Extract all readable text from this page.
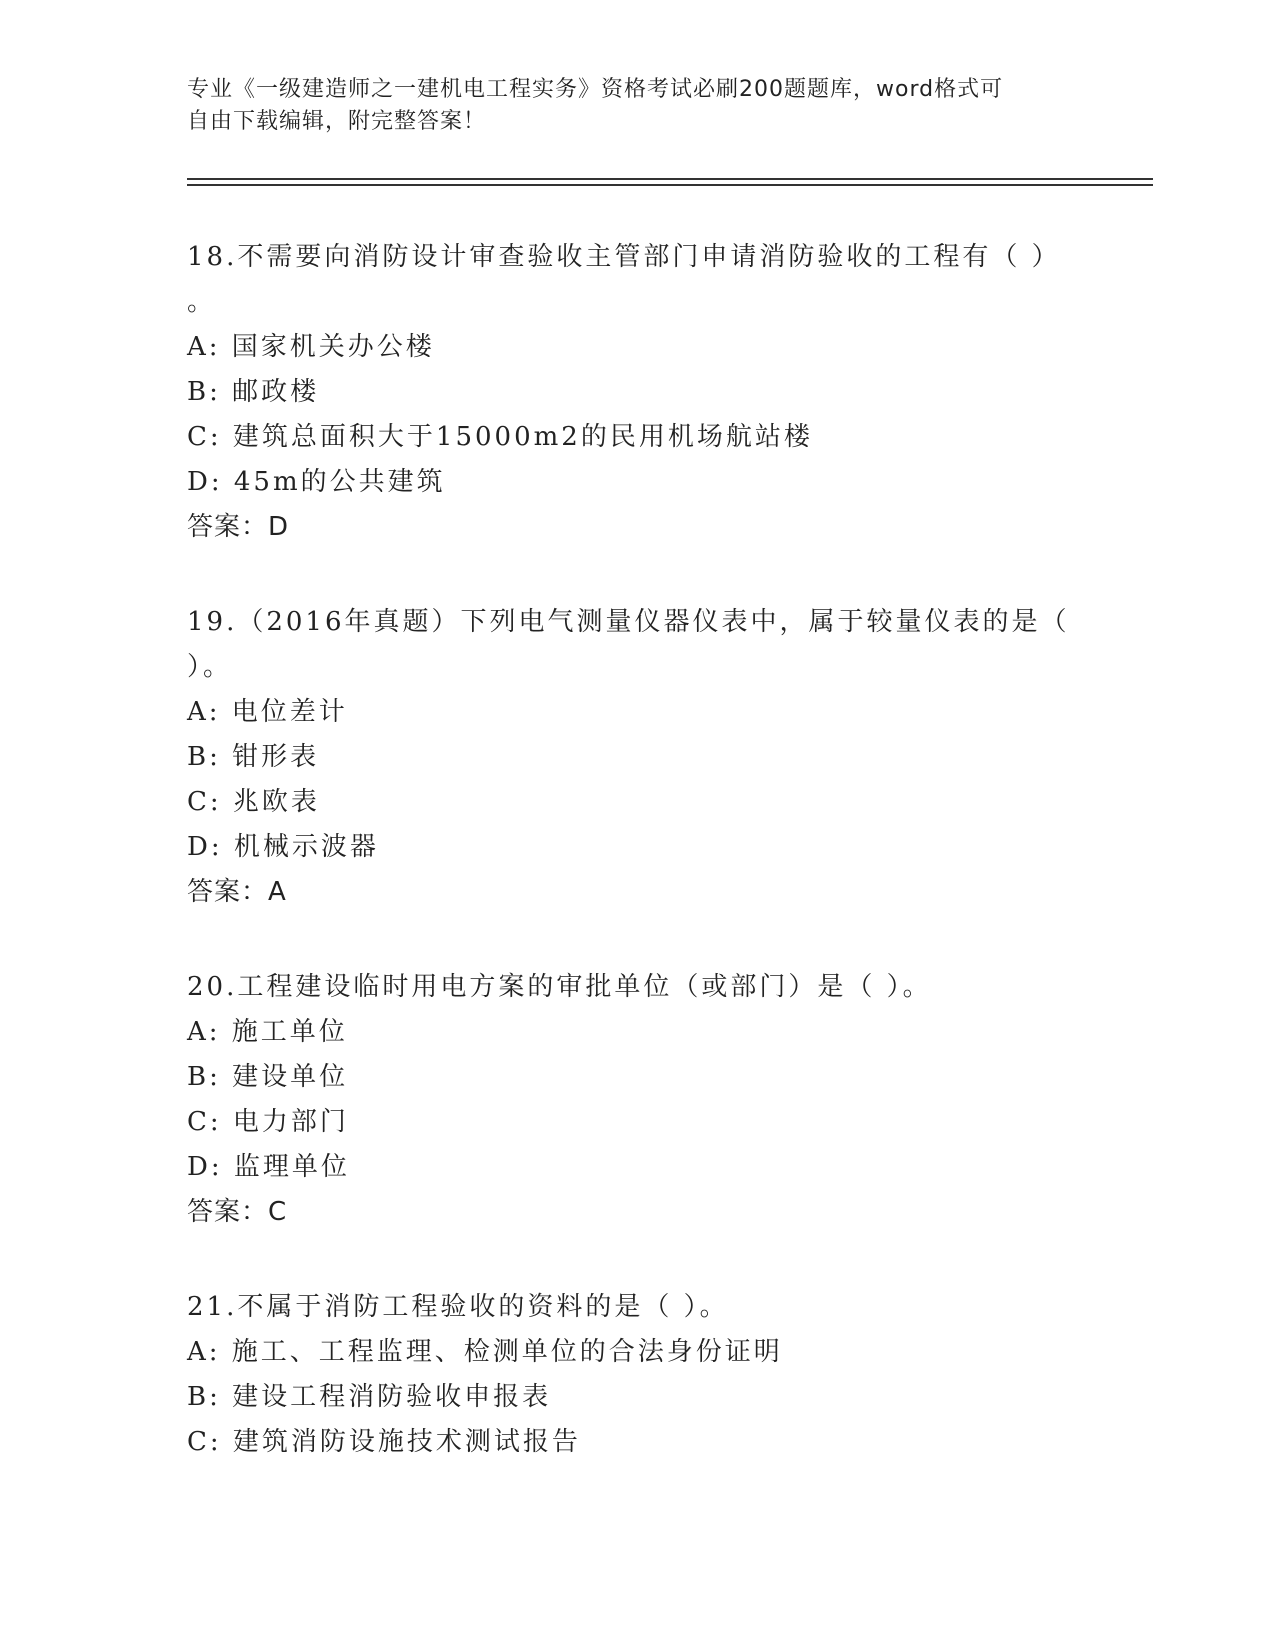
专业《一级建造师之一建机电工程实务》资格考试必刷200题题库，word格式可
自由下载编辑，附完整答案！
18.不需要向消防设计审查验收主管部门申请消防验收的工程有（ ）
。
A: 国家机关办公楼
B: 邮政楼
C: 建筑总面积大于15000m2的民用机场航站楼
D: 45m的公共建筑
答案：D
19.（2016年真题）下列电气测量仪器仪表中，属于较量仪表的是（
）。
A: 电位差计
B: 钳形表
C: 兆欧表
D: 机械示波器
答案：A
20.工程建设临时用电方案的审批单位（或部门）是（ ）。
A: 施工单位
B: 建设单位
C: 电力部门
D: 监理单位
答案：C
21.不属于消防工程验收的资料的是（ ）。
A: 施工、工程监理、检测单位的合法身份证明
B: 建设工程消防验收申报表
C: 建筑消防设施技术测试报告
